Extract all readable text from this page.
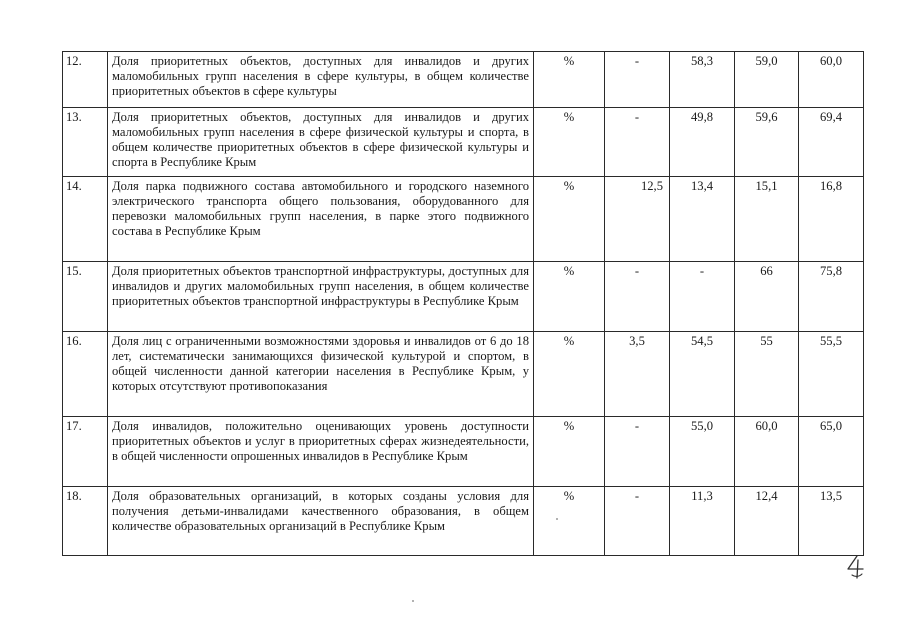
12.	Доля приоритетных объектов, доступных для инвалидов и других маломобильных групп населения в сфере культуры, в общем количестве приоритетных объектов в сфере культуры	%	-	58,3	59,0	60,0

13.	Доля приоритетных объектов, доступных для инвалидов и других маломобильных групп населения в сфере физической культуры и спорта, в общем количестве приоритетных объектов в сфере физической культуры и спорта в Республике Крым	%	-	49,8	59,6	69,4

14.	Доля парка подвижного состава автомобильного и городского наземного электрического транспорта общего пользования, оборудованного для перевозки маломобильных групп населения, в парке этого подвижного состава в Республике Крым	%	12,5	13,4	15,1	16,8

15.	Доля приоритетных объектов транспортной инфраструктуры, доступных для инвалидов и других маломобильных групп населения, в общем количестве приоритетных объектов транспортной инфраструктуры в Республике Крым	%	-	-	66	75,8

16.	Доля лиц с ограниченными возможностями здоровья и инвалидов от 6 до 18 лет, систематически занимающихся физической культурой и спортом, в общей численности данной категории населения в Республике Крым, у которых отсутствуют противопоказания	%	3,5	54,5	55	55,5

17.	Доля инвалидов, положительно оценивающих уровень доступности приоритетных объектов и услуг в приоритетных сферах жизнедеятельности, в общей численности опрошенных инвалидов в Республике Крым	%	-	55,0	60,0	65,0

18.	Доля образовательных организаций, в которых созданы условия для получения детьми-инвалидами качественного образования, в общем количестве образовательных организаций в Республике Крым	%	-	11,3	12,4	13,5
